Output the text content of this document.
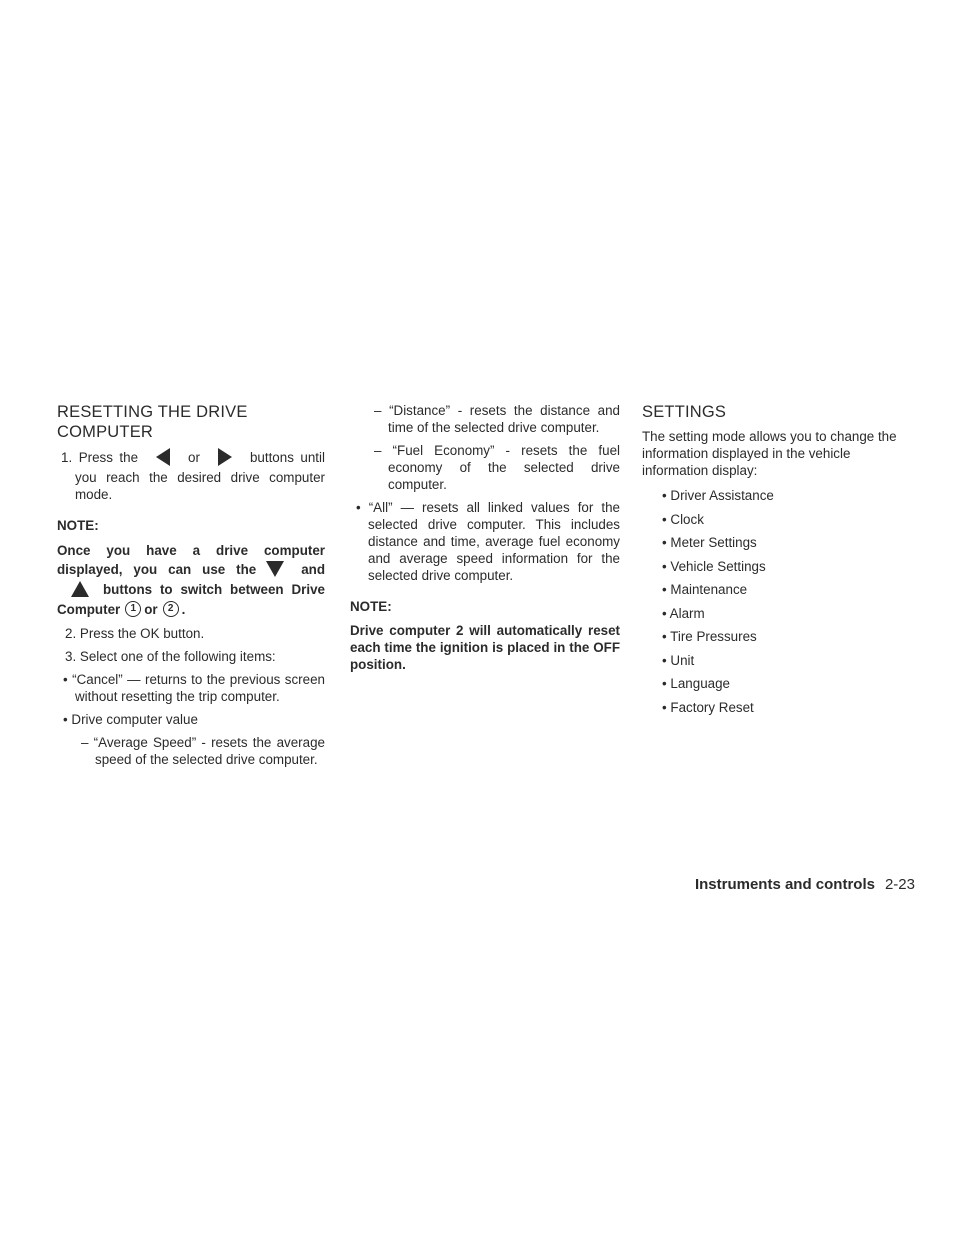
RESETTING THE DRIVE COMPUTER
1. Press the	or	buttons until you reach the desired drive computer mode.
NOTE:
Once you have a drive computer displayed, you can use the	andbuttons to switch between Drive Computer 1 or 2 .
2. Press the OK button.
3. Select one of the following items:
• “Cancel” — returns to the previous screen without resetting the trip computer.
• Drive computer value
– “Average Speed” - resets the average speed of the selected drive computer.
– “Distance” - resets the distance and time of the selected drive computer.
– “Fuel Economy” - resets the fuel economy of the selected drive computer.
• “All” — resets all linked values for the selected drive computer. This includes distance and time, average fuel economy and average speed information for the selected drive computer.
NOTE:
Drive computer 2 will automatically reset each time the ignition is placed in the OFF position.
SETTINGS
The setting mode allows you to change the information displayed in the vehicle information display:
• Driver Assistance
• Clock
• Meter Settings
• Vehicle Settings
• Maintenance
• Alarm
• Tire Pressures
• Unit
• Language
• Factory Reset
Instruments and controls 2-23
